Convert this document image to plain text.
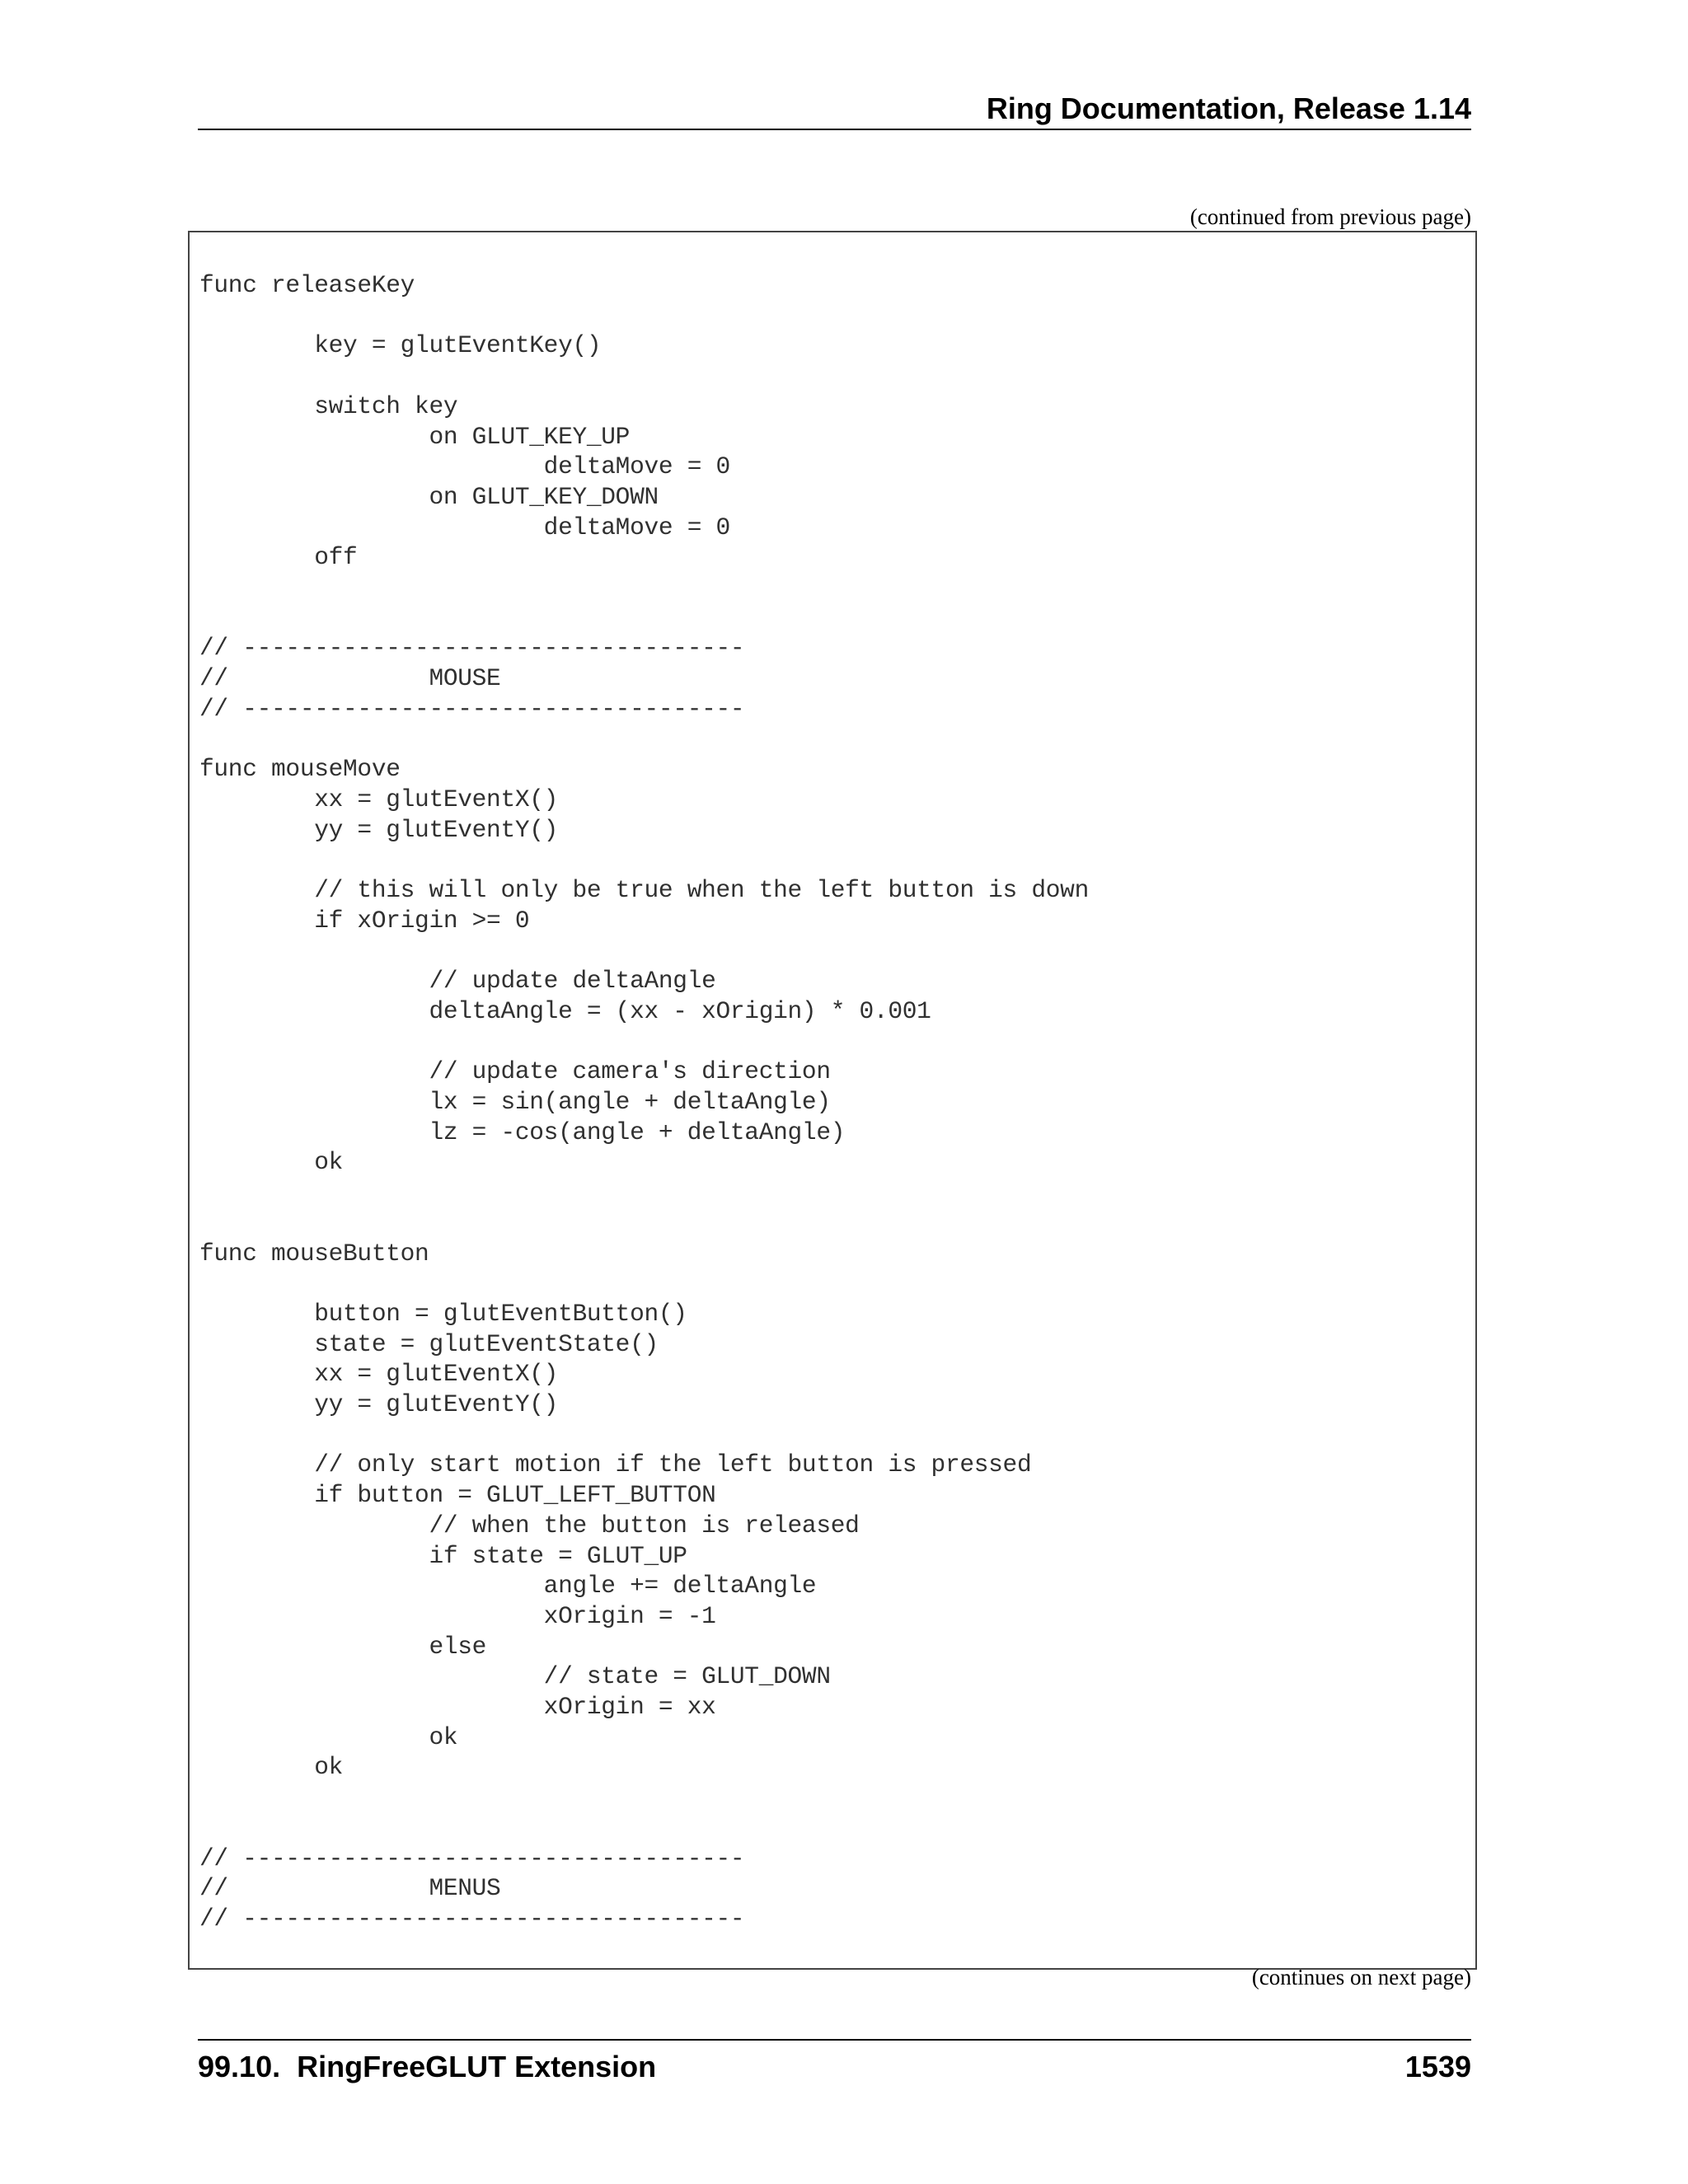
Ring Documentation, Release 1.14
(continued from previous page)
func releaseKey

key = glutEventKey()

switch key
on GLUT_KEY_UP
deltaMove = 0
on GLUT_KEY_DOWN
deltaMove = 0
off

// -----------------------------------
//              MOUSE
// -----------------------------------

func mouseMove
xx = glutEventX()
yy = glutEventY()

// this will only be true when the left button is down
if xOrigin >= 0

// update deltaAngle
deltaAngle = (xx - xOrigin) * 0.001

// update camera's direction
lx = sin(angle + deltaAngle)
lz = -cos(angle + deltaAngle)
ok

func mouseButton

button = glutEventButton()
state = glutEventState()
xx = glutEventX()
yy = glutEventY()

// only start motion if the left button is pressed
if button = GLUT_LEFT_BUTTON
// when the button is released
if state = GLUT_UP
angle += deltaAngle
xOrigin = -1
else
// state = GLUT_DOWN
xOrigin = xx
ok
ok

// -----------------------------------
//              MENUS
// -----------------------------------
(continues on next page)
99.10.  RingFreeGLUT Extension	1539
